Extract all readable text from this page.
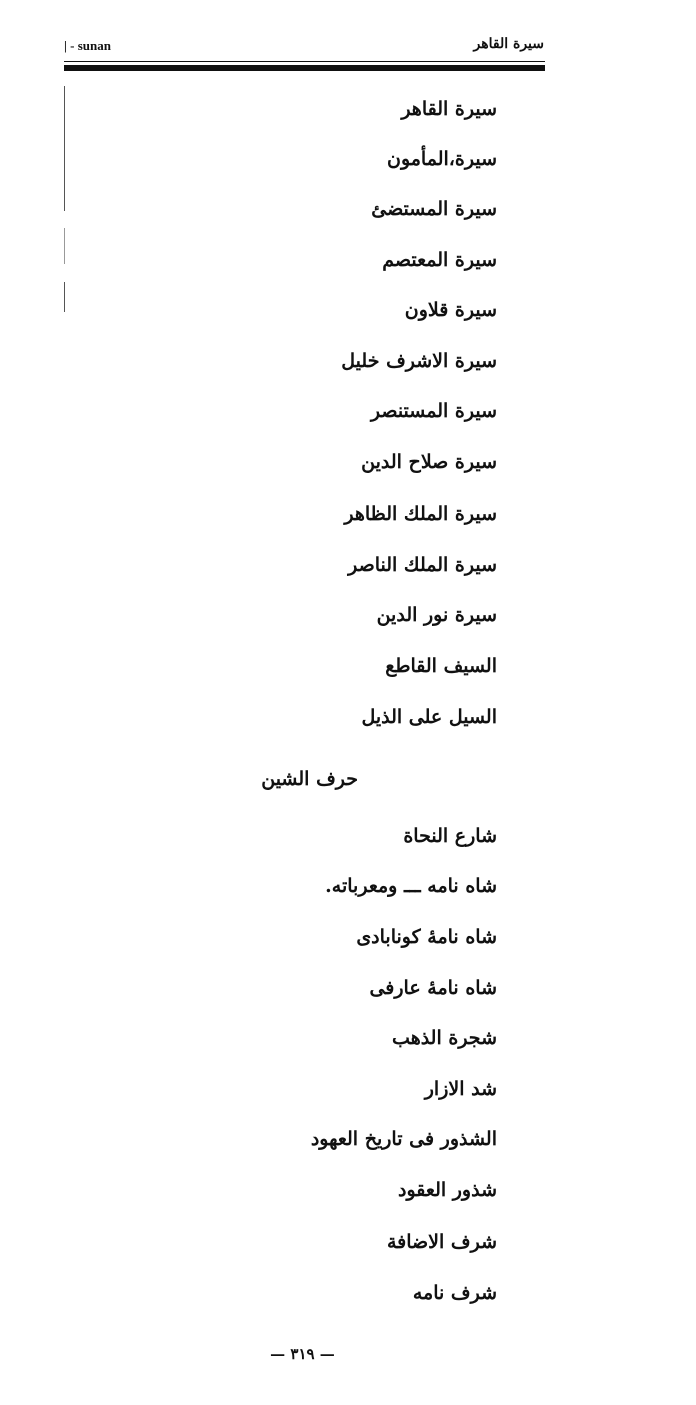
| - sunan	سيرة القاهر
سيرة القاهر
سيرة،المأمون
سيرة المستضئ
سيرة المعتصم
سيرة قلاون
سيرة الاشرف خليل
سيرة المستنصر
سيرة صلاح الدين
سيرة الملك الظاهر
سيرة الملك الناصر
سيرة نور الدين
السيف القاطع
السيل على الذيل
حرف الشين
شارع النحاة
شاه نامه ـــ ومعرباته.
شاه نامهٔ كونابادى
شاه نامهٔ عارفى
شجرة الذهب
شد الازار
الشذور فى تاريخ العهود
شذور العقود
شرف الاضافة
شرف نامه
— ٣١٩ —
